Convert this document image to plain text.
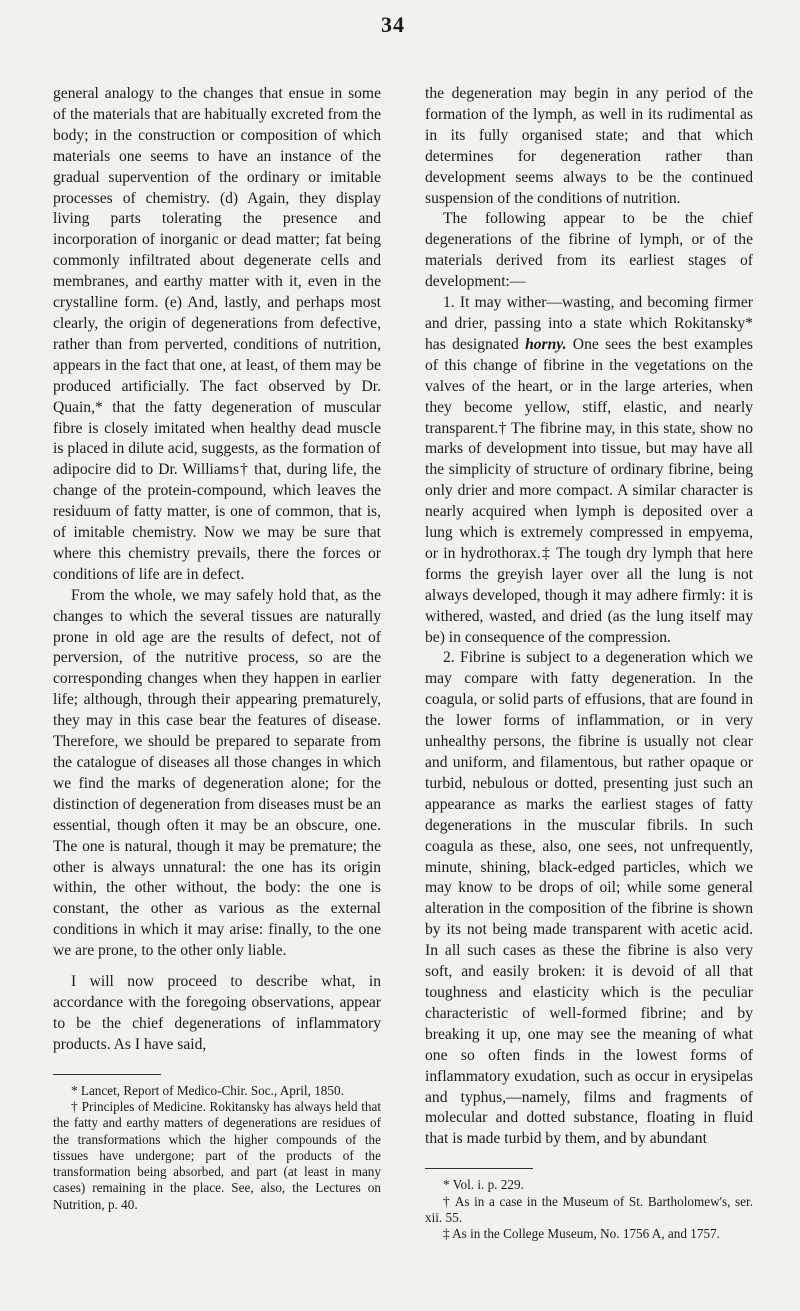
34

general analogy to the changes that ensue in some of the materials that are habitually excreted from the body; in the construction or composition of which materials one seems to have an instance of the gradual supervention of the ordinary or imitable processes of chemistry. (d) Again, they display living parts tolerating the presence and incorporation of inorganic or dead matter; fat being commonly infiltrated about degenerate cells and membranes, and earthy matter with it, even in the crystalline form. (e) And, lastly, and perhaps most clearly, the origin of degenerations from defective, rather than from perverted, conditions of nutrition, appears in the fact that one, at least, of them may be produced artificially. The fact observed by Dr. Quain,* that the fatty degeneration of muscular fibre is closely imitated when healthy dead muscle is placed in dilute acid, suggests, as the formation of adipocire did to Dr. Williams† that, during life, the change of the protein-compound, which leaves the residuum of fatty matter, is one of common, that is, of imitable chemistry. Now we may be sure that where this chemistry prevails, there the forces or conditions of life are in defect.

From the whole, we may safely hold that, as the changes to which the several tissues are naturally prone in old age are the results of defect, not of perversion, of the nutritive process, so are the corresponding changes when they happen in earlier life; although, through their appearing prematurely, they may in this case bear the features of disease. Therefore, we should be prepared to separate from the catalogue of diseases all those changes in which we find the marks of degeneration alone; for the distinction of degeneration from diseases must be an essential, though often it may be an obscure, one. The one is natural, though it may be premature; the other is always unnatural: the one has its origin within, the other without, the body: the one is constant, the other as various as the external conditions in which it may arise: finally, to the one we are prone, to the other only liable.

I will now proceed to describe what, in accordance with the foregoing observations, appear to be the chief degenerations of inflammatory products. As I have said,

* Lancet, Report of Medico-Chir. Soc., April, 1850.

† Principles of Medicine. Rokitansky has always held that the fatty and earthy matters of degenerations are residues of the transformations which the higher compounds of the tissues have undergone; part of the products of the transformation being absorbed, and part (at least in many cases) remaining in the place. See, also, the Lectures on Nutrition, p. 40.

the degeneration may begin in any period of the formation of the lymph, as well in its rudimental as in its fully organised state; and that which determines for degeneration rather than development seems always to be the continued suspension of the conditions of nutrition.

The following appear to be the chief degenerations of the fibrine of lymph, or of the materials derived from its earliest stages of development:—

1. It may wither—wasting, and becoming firmer and drier, passing into a state which Rokitansky* has designated horny. One sees the best examples of this change of fibrine in the vegetations on the valves of the heart, or in the large arteries, when they become yellow, stiff, elastic, and nearly transparent.† The fibrine may, in this state, show no marks of development into tissue, but may have all the simplicity of structure of ordinary fibrine, being only drier and more compact. A similar character is nearly acquired when lymph is deposited over a lung which is extremely compressed in empyema, or in hydrothorax.‡ The tough dry lymph that here forms the greyish layer over all the lung is not always developed, though it may adhere firmly: it is withered, wasted, and dried (as the lung itself may be) in consequence of the compression.

2. Fibrine is subject to a degeneration which we may compare with fatty degeneration. In the coagula, or solid parts of effusions, that are found in the lower forms of inflammation, or in very unhealthy persons, the fibrine is usually not clear and uniform, and filamentous, but rather opaque or turbid, nebulous or dotted, presenting just such an appearance as marks the earliest stages of fatty degenerations in the muscular fibrils. In such coagula as these, also, one sees, not unfrequently, minute, shining, black-edged particles, which we may know to be drops of oil; while some general alteration in the composition of the fibrine is shown by its not being made transparent with acetic acid. In all such cases as these the fibrine is also very soft, and easily broken: it is devoid of all that toughness and elasticity which is the peculiar characteristic of well-formed fibrine; and by breaking it up, one may see the meaning of what one so often finds in the lowest forms of inflammatory exudation, such as occur in erysipelas and typhus,—namely, films and fragments of molecular and dotted substance, floating in fluid that is made turbid by them, and by abundant

* Vol. i. p. 229.

† As in a case in the Museum of St. Bartholomew's, ser. xii. 55.

‡ As in the College Museum, No. 1756 A, and 1757.
